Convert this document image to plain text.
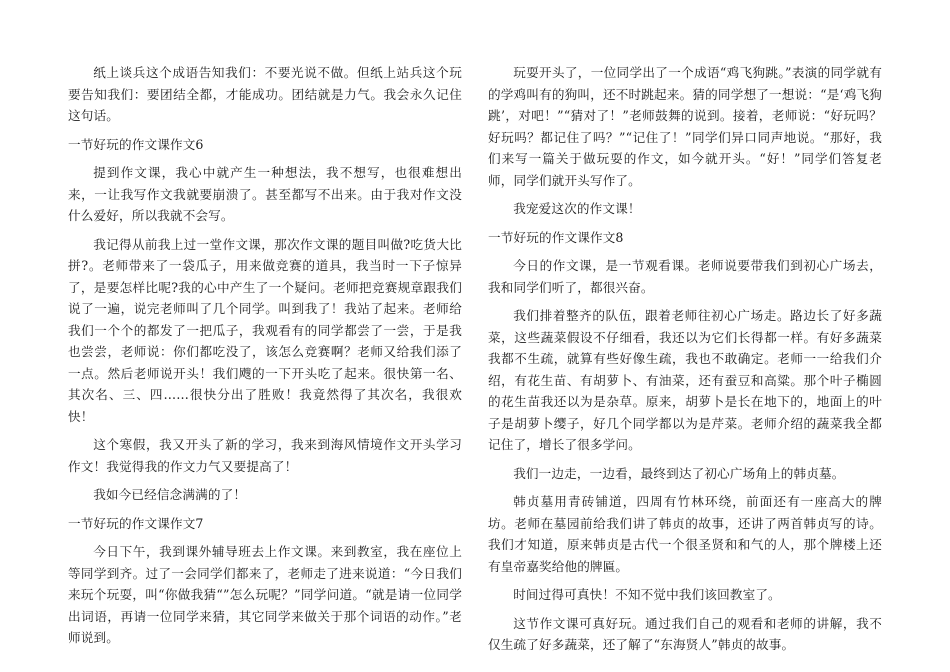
纸上谈兵这个成语告知我们：不要光说不做。但纸上站兵这个玩要告知我们：要团结全都，才能成功。团结就是力气。我会永久记住这句话。

一节好玩的作文课作文6

提到作文课，我心中就产生一种想法，我不想写，也很难想出来，一让我写作文我就要崩溃了。甚至都写不出来。由于我对作文没什么爱好，所以我就不会写。

我记得从前我上过一堂作文课，那次作文课的题目叫做?吃货大比拼?。老师带来了一袋瓜子，用来做竞赛的道具，我当时一下子惊异了，是要怎样比呢?我的心中产生了一个疑问。老师把竞赛规章跟我们说了一遍，说完老师叫了几个同学。叫到我了！我站了起来。老师给我们一个个的都发了一把瓜子，我观看有的同学都尝了一尝，于是我也尝尝，老师说：你们都吃没了，该怎么竞赛啊？老师又给我们添了一点。然后老师说开头！我们飕的一下开头吃了起来。很快第一名、其次名、三、四……很快分出了胜败！我竟然得了其次名，我很欢快！

这个寒假，我又开头了新的学习，我来到海风情境作文开头学习作文！我觉得我的作文力气又要提高了！

我如今已经信念满满的了！

一节好玩的作文课作文7

今日下午，我到课外辅导班去上作文课。来到教室，我在座位上等同学到齐。过了一会同学们都来了，老师走了进来说道：“今日我们来玩个玩耍，叫“你做我猜“”怎么玩呢？”同学问道。“就是请一位同学出词语，再请一位同学来猜，其它同学来做关于那个词语的动作。”老师说到。

玩耍开头了，一位同学出了一个成语“鸡飞狗跳。”表演的同学就有的学鸡叫有的狗叫，还不时跳起来。猜的同学想了一想说：“是‘鸡飞狗跳’，对吧！”“猜对了！”老师鼓舞的说到。接着，老师说：“好玩吗？好玩吗？都记住了吗？”“记住了！”同学们异口同声地说。“那好，我们来写一篇关于做玩耍的作文，如今就开头。“好！”同学们答复老师，同学们就开头写作了。

我宠爱这次的作文课！

一节好玩的作文课作文8

今日的作文课，是一节观看课。老师说要带我们到初心广场去，我和同学们听了，都很兴奋。

我们排着整齐的队伍，跟着老师往初心广场走。路边长了好多蔬菜，这些蔬菜假设不仔细看，我还以为它们长得都一样。有好多蔬菜我都不生疏，就算有些好像生疏，我也不敢确定。老师一一给我们介绍，有花生苗、有胡萝卜、有油菜，还有蚕豆和高粱。那个叶子椭圆的花生苗我还以为是杂草。原来，胡萝卜是长在地下的，地面上的叶子是胡萝卜缨子，好几个同学都以为是芹菜。老师介绍的蔬菜我全都记住了，增长了很多学问。

我们一边走，一边看，最终到达了初心广场角上的韩贞墓。

韩贞墓用青砖铺道，四周有竹林环绕，前面还有一座高大的牌坊。老师在墓园前给我们讲了韩贞的故事，还讲了两首韩贞写的诗。我们才知道，原来韩贞是古代一个很圣贤和和气的人，那个牌楼上还有皇帝嘉奖给他的牌匾。

时间过得可真快！不知不觉中我们该回教室了。

这节作文课可真好玩。通过我们自己的观看和老师的讲解，我不仅生疏了好多蔬菜，还了解了“东海贤人”韩贞的故事。
